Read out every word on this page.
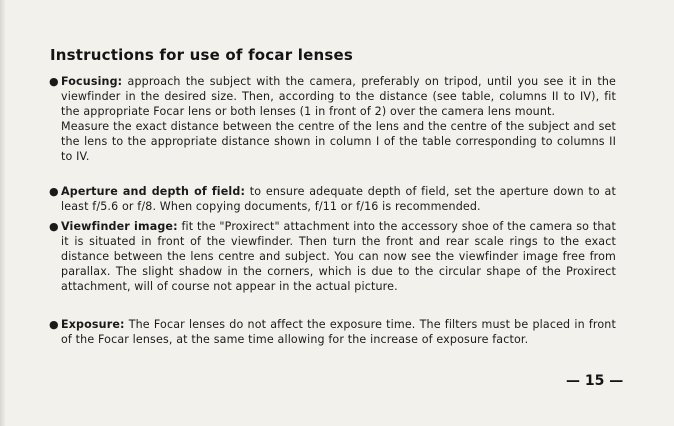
Instructions for use of focar lenses
● Focusing: approach the subject with the camera, preferably on tripod, until you see it in the viewfinder in the desired size. Then, according to the distance (see table, columns II to IV), fit the appropriate Focar lens or both lenses (1 in front of 2) over the camera lens mount.
Measure the exact distance between the centre of the lens and the centre of the subject and set the lens to the appropriate distance shown in column I of the table corresponding to columns II to IV.
● Aperture and depth of field: to ensure adequate depth of field, set the aperture down to at least f/5.6 or f/8. When copying documents, f/11 or f/16 is recommended.
● Viewfinder image: fit the "Proxirect" attachment into the accessory shoe of the camera so that it is situated in front of the viewfinder. Then turn the front and rear scale rings to the exact distance between the lens centre and subject. You can now see the viewfinder image free from parallax. The slight shadow in the corners, which is due to the circular shape of the Proxirect attachment, will of course not appear in the actual picture.
● Exposure: The Focar lenses do not affect the exposure time. The filters must be placed in front of the Focar lenses, at the same time allowing for the increase of exposure factor.
— 15 —
